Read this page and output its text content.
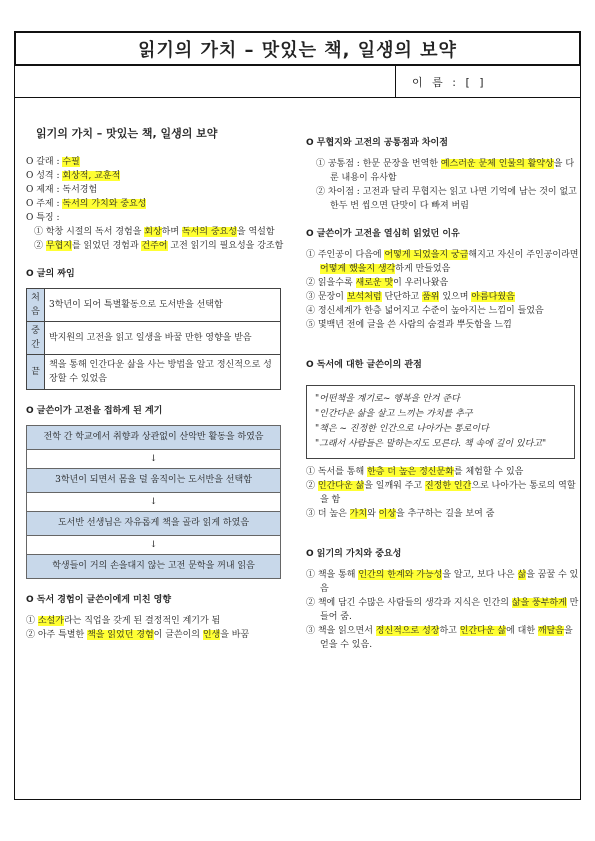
읽기의 가치 – 맛있는 책, 일생의 보약
이 름 : [ ]
읽기의 가치 – 맛있는 책, 일생의 보약
O 갈래 : 수필
O 성격 : 회상적, 교훈적
O 제재 : 독서경험
O 주제 : 독서의 가치와 중요성
O 특징 :
① 학창 시절의 독서 경험을 회상하며 독서의 중요성을 역설함
② 무협지를 읽었던 경험과 건주어 고전 읽기의 필요성을 강조함
O 글의 짜임
처음	3학년이 되어 특별활동으로 도서반을 선택함
중간	박지원의 고전을 읽고 일생을 바꿀 만한 영향을 받음
끝	책을 통해 인간다운 삶을 사는 방법을 알고 정신적으로 성장할 수 있었음
O 글쓴이가 고전을 접하게 된 계기
전학 간 학교에서 취향과 상관없이 산악반 활동을 하였음
↓
3학년이 되면서 몸을 덜 움직이는 도서반을 선택함
↓
도서반 선생님은 자유롭게 책을 골라 읽게 하였음
↓
학생들이 거의 손을대지 않는 고전 문학을 꺼내 읽음
O 독서 경험이 글쓴이에게 미친 영향
① 소설가라는 직업을 갖게 된 결정적인 계기가 됨
② 아주 특별한 책을 읽었던 경험이 글쓴이의 인생을 바꿈
O 무협지와 고전의 공통점과 차이점
① 공통점 : 한문 문장을 번역한 예스러운 문체 인물의 활약상을 다룬 내용이 유사함
② 차이점 : 고전과 달리 무협지는 읽고 나면 기억에 남는 것이 없고 한두 번 씹으면 단맛이 다 빠져 버림
O 글쓴이가 고전을 열심히 읽었던 이유
① 주인공이 다음에 어떻게 되었을지 궁금해지고 자신이 주인공이라면 어떻게 했을지 생각하게 만들었음
② 읽을수록 새로운 맛이 우러나왔음
③ 문장이 보석처럼 단단하고 품위 있으며 아름다웠음
④ 정신세계가 한층 넓어지고 수준이 높아지는 느낌이 들었음
⑤ 몇백년 전에 글을 쓴 사람의 숨결과 뿌듯함을 느낌
O 독서에 대한 글쓴이의 관점
"어떤책을 계기로~ 행복을 안겨 준다
"인간다운 삶을 살고 느끼는 가치를 추구
"책은 ~ 진정한 인간으로 나아가는 통로이다
"그래서 사람들은 말하는지도 모른다. 책 속에 길이 있다고"
① 독서를 통해 한층 더 높은 정신문화를 체험할 수 있음
② 인간다운 삶을 일깨워 주고 진정한 인간으로 나아가는 통로의 역할을 함
③ 더 높은 가치와 이상을 추구하는 길을 보여 줌
O 읽기의 가치와 중요성
① 책을 통해 인간의 한계와 가능성을 알고, 보다 나은 삶을 꿈꿀 수 있음
② 책에 담긴 수많은 사람들의 생각과 지식은 인간의 삶을 풍부하게 만들어 줌.
③ 책을 읽으면서 정신적으로 성장하고 인간다운 삶에 대한 깨달음을 얻을 수 있음.
